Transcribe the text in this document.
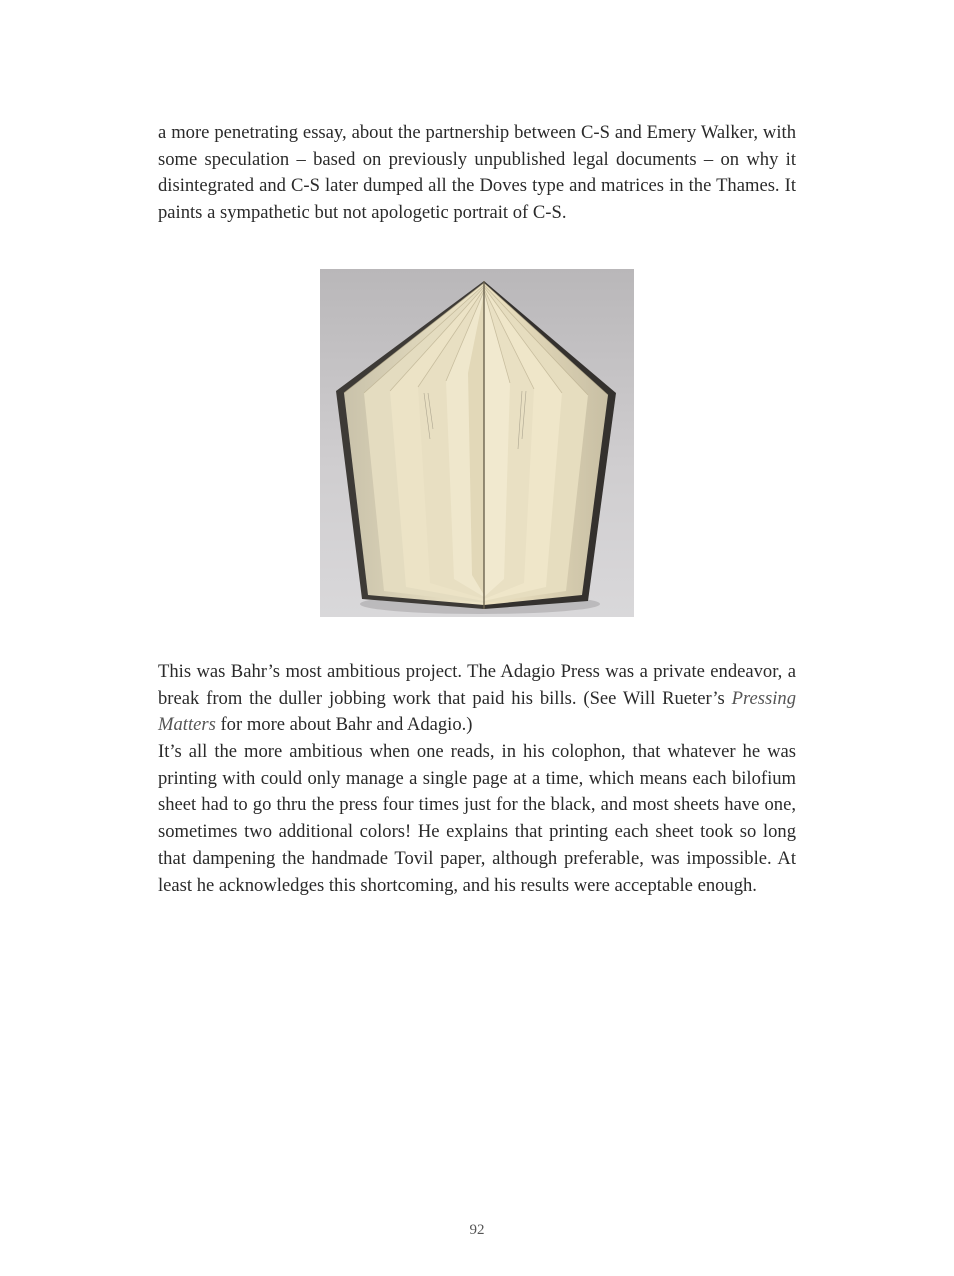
a more penetrating essay, about the partnership between C-S and Emery Walker, with some speculation – based on previously unpublished legal documents – on why it disintegrated and C-S later dumped all the Doves type and matrices in the Thames. It paints a sympathetic but not apologetic portrait of C-S.

This was Bahr’s most ambitious project. The Adagio Press was a private endeavor, a break from the duller jobbing work that paid his bills. (See Will Rueter’s Pressing Matters for more about Bahr and Adagio.)

It’s all the more ambitious when one reads, in his colophon, that whatever he was printing with could only manage a single page at a time, which means each bilofium sheet had to go thru the press four times just for the black, and most sheets have one, sometimes two additional colors! He explains that printing each sheet took so long that dampening the handmade Tovil paper, although preferable, was impossible. At least he acknowledges this shortcoming, and his results were acceptable enough.

92
